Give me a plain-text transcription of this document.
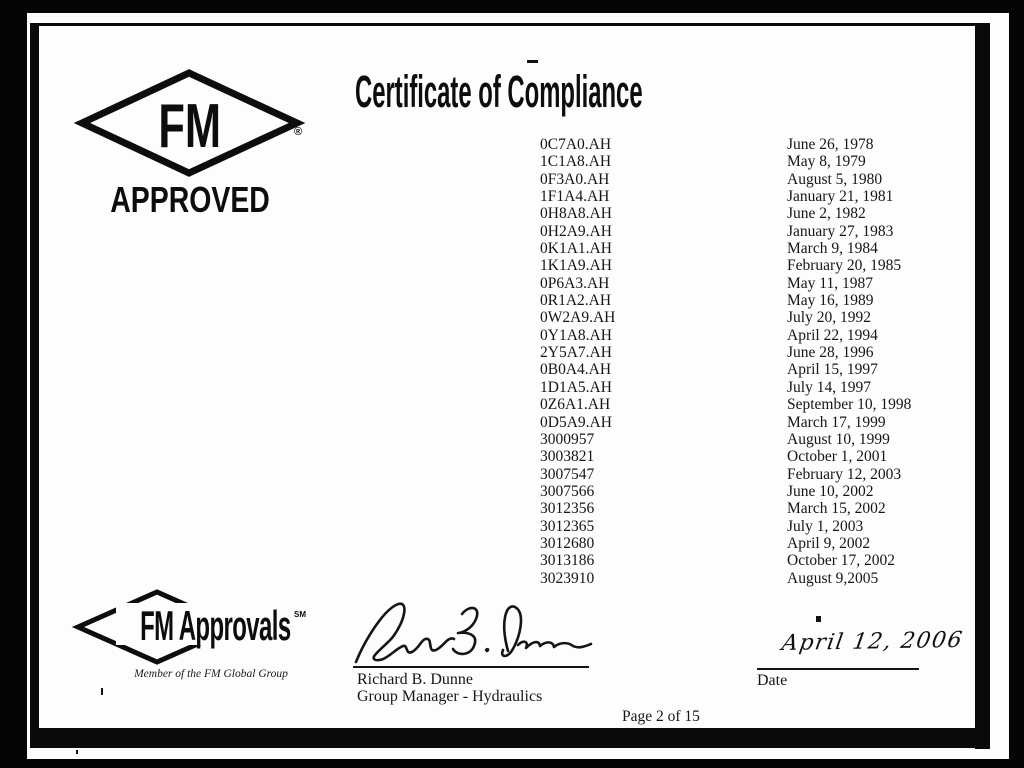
FM	®
APPROVED
Certificate of Compliance
0C7A0.AH	June 26, 1978
1C1A8.AH	May 8, 1979
0F3A0.AH	August 5, 1980
1F1A4.AH	January 21, 1981
0H8A8.AH	June 2, 1982
0H2A9.AH	January 27, 1983
0K1A1.AH	March 9, 1984
1K1A9.AH	February 20, 1985
0P6A3.AH	May 11, 1987
0R1A2.AH	May 16, 1989
0W2A9.AH	July 20, 1992
0Y1A8.AH	April 22, 1994
2Y5A7.AH	June 28, 1996
0B0A4.AH	April 15, 1997
1D1A5.AH	July 14, 1997
0Z6A1.AH	September 10, 1998
0D5A9.AH	March 17, 1999
3000957	August 10, 1999
3003821	October 1, 2001
3007547	February 12, 2003
3007566	June 10, 2002
3012356	March 15, 2002
3012365	July 1, 2003
3012680	April 9, 2002
3013186	October 17, 2002
3023910	August 9,2005
Richard B. Dunne
Group Manager - Hydraulics
April 12, 2006
Date
FM Approvals SM
Member of the FM Global Group
Page 2 of 15
